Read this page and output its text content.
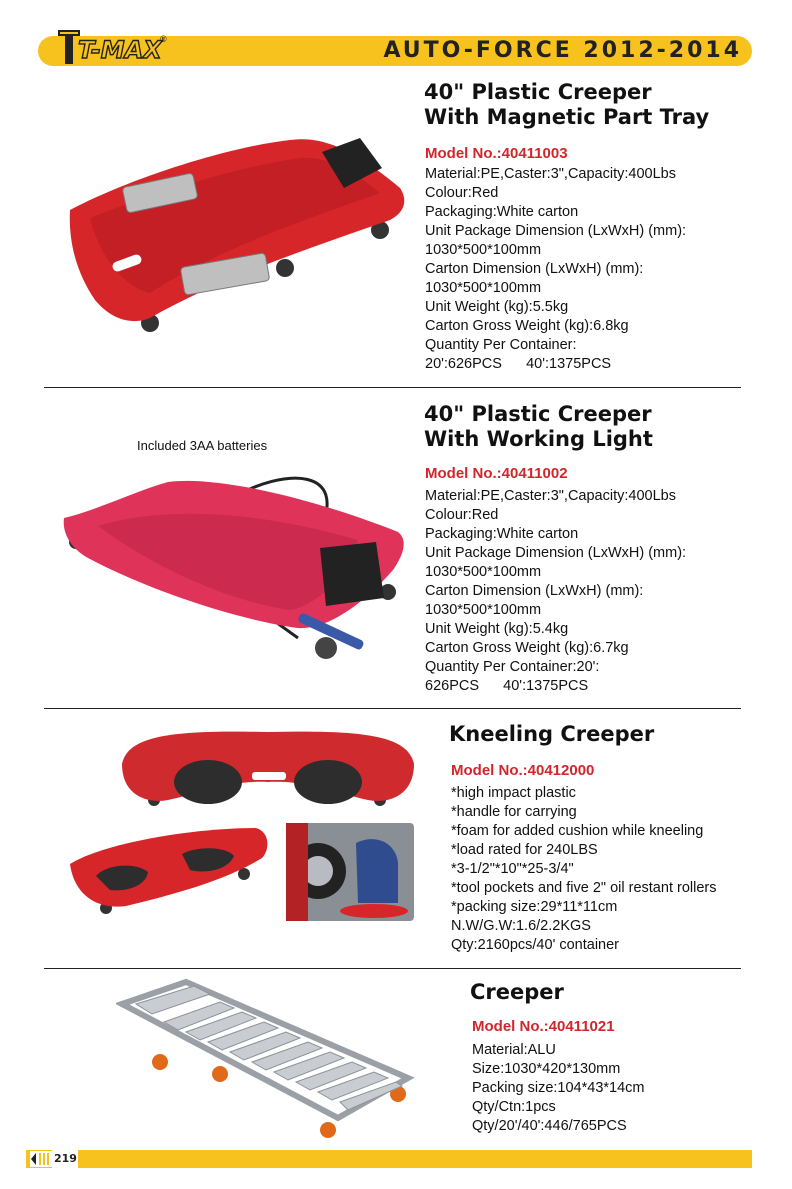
T-MAX
®	AUTO-FORCE 2012-2014
40" Plastic Creeper
With Magnetic Part Tray
Model No.:40411003
Material:PE,Caster:3",Capacity:400Lbs
Colour:Red
Packaging:White carton
Unit Package Dimension (LxWxH) (mm):
1030*500*100mm
Carton Dimension (LxWxH) (mm):
1030*500*100mm
Unit Weight (kg):5.5kg
Carton Gross Weight (kg):6.8kg
Quantity Per Container:
20':626PCS      40':1375PCS
Included 3AA batteries
40" Plastic Creeper
With Working Light
Model No.:40411002
Material:PE,Caster:3",Capacity:400Lbs
Colour:Red
Packaging:White carton
Unit Package Dimension (LxWxH) (mm):
1030*500*100mm
Carton Dimension (LxWxH) (mm):
1030*500*100mm
Unit Weight (kg):5.4kg
Carton Gross Weight (kg):6.7kg
Quantity Per Container:20':
626PCS      40':1375PCS
Kneeling Creeper
Model No.:40412000
*high impact plastic
*handle for carrying
*foam for added cushion while kneeling
*load rated for 240LBS
*3-1/2"*10"*25-3/4"
*tool pockets and five 2" oil restant rollers
*packing size:29*11*11cm
N.W/G.W:1.6/2.2KGS
Qty:2160pcs/40' container
Creeper
Model No.:40411021
Material:ALU
Size:1030*420*130mm
Packing size:104*43*14cm
Qty/Ctn:1pcs
Qty/20'/40':446/765PCS
219
